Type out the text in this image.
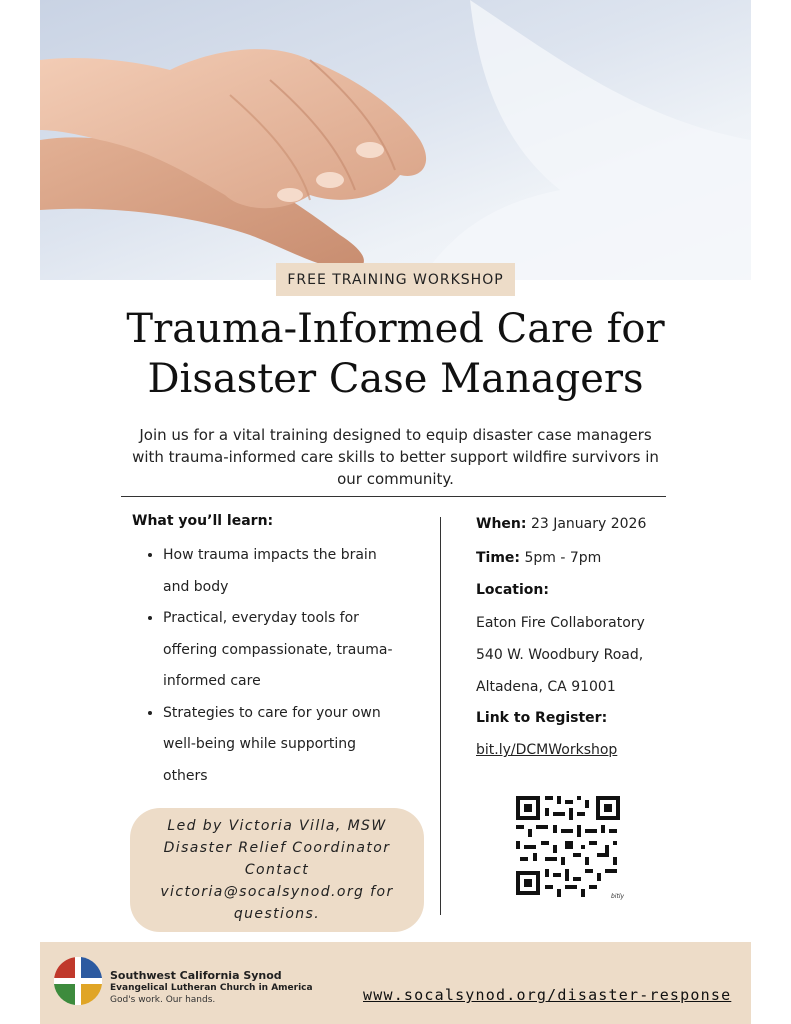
FREE TRAINING WORKSHOP
Trauma-Informed Care for
Disaster Case Managers

Join us for a vital training designed to equip disaster case managers
with trauma-informed care skills to better support wildfire survivors in
our community.

What you’ll learn:

• How trauma impacts the brain
and body
• Practical, everyday tools for
offering compassionate, trauma-
informed care
• Strategies to care for your own
well-being while supporting
others
Led by Victoria Villa, MSW
Disaster Relief Coordinator
Contact
victoria@socalsynod.org for
questions.
When: 23 January 2026
Time: 5pm - 7pm
Location:
Eaton Fire Collaboratory
540 W. Woodbury Road,
Altadena, CA 91001
Link to Register:
bit.ly/DCMWorkshop
bitly
Southwest California Synod
Evangelical Lutheran Church in America
God's work. Our hands.	www.socalsynod.org/disaster-response
